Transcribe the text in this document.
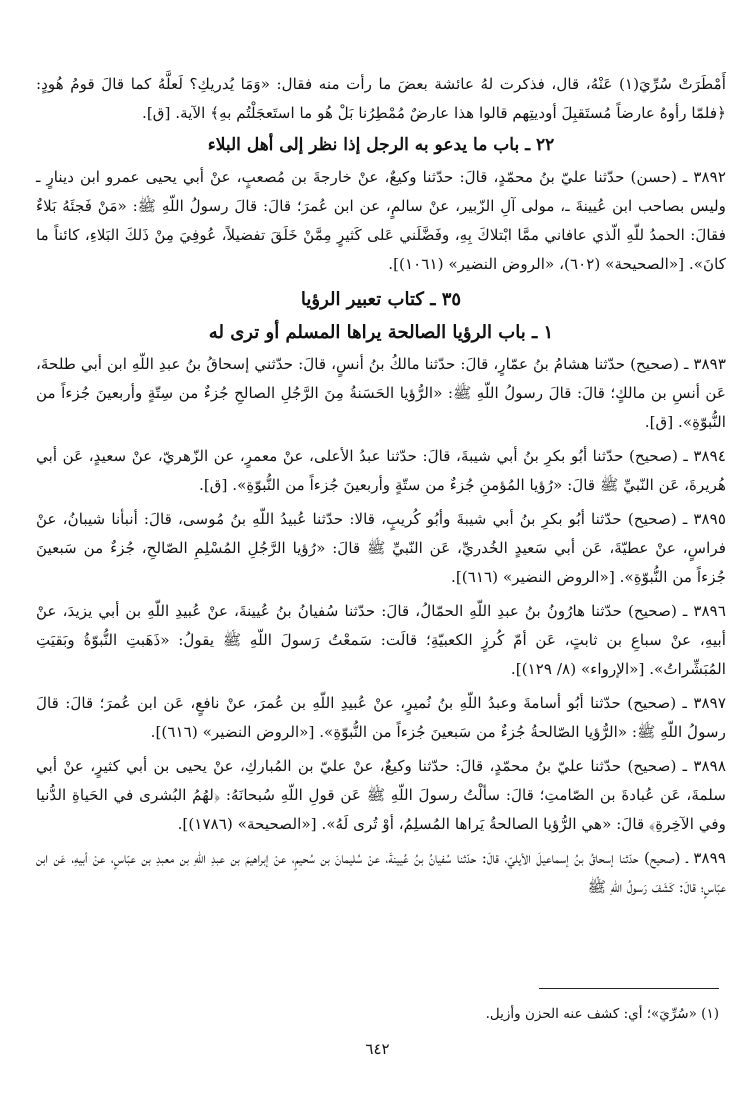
أَمْطَرَتْ سُرِّيَ(١) عَنْهُ، قال، فذكرت لهُ عائشة بعضَ ما رأت منه فقال: «وَمَا يُدريكِ؟ لَعلَّهُ كما قالَ قومُ هُودٍ: ﴿فلمّا رأوهُ عارضاً مُستَقبِلَ أوديتِهم قالوا هذا عارضٌ مُمْطِرُنا بَلْ هُو ما استَعجَلْتُم بهِ﴾ الآية. [ق].

٢٢ ـ باب ما يدعو به الرجل إذا نظر إلى أهل البلاء

٣٨٩٢ ـ (حسن) حدّثنا عليّ بنُ محمّدٍ، قالَ: حدّثنا وكيعٌ، عنْ خارجةَ بن مُصعبٍ، عنْ أبي يحيى عمرو ابن دينارٍ ـ وليس بصاحب ابن عُيينةَ ـ، مولى آلِ الزّبير، عنْ سالمٍ، عن ابن عُمرَ؛ قالَ: قالَ رسولُ اللّهِ ﷺ: «مَنْ فَجئَهُ بَلاءٌ فقالَ: الحمدُ للّهِ الّذي عافاني ممَّا ابْتلاكَ بِهِ، وفَضَّلَني عَلى كَثيرٍ مِمَّنْ خَلَقَ تفضيلاً، عُوفِيَ مِنْ ذَلكَ البَلاءِ، كائناً ما كانَ». [«الصحيحة» (٦٠٢)، «الروض النضير» (١٠٦١)].

٣٥ ـ كتاب تعبير الرؤيا
١ ـ باب الرؤيا الصالحة يراها المسلم أو ترى له

٣٨٩٣ ـ (صحيح) حدّثنا هشامُ بنُ عمّارٍ، قالَ: حدّثنا مالكُ بنُ أنسٍ، قالَ: حدّثني إسحاقُ بنُ عبدِ اللّهِ ابن أبي طلحةَ، عَن أنسِ بن مالكٍ؛ قالَ: قالَ رسولُ اللّهِ ﷺ: «الرُّؤيا الحَسَنةُ مِنَ الرَّجُلِ الصالحِ جُزءٌ من سِتّةٍ وأربعينَ جُزءاً من النُّبوّةِ». [ق].

٣٨٩٤ ـ (صحيح) حدّثنا أبُو بكرِ بنُ أبي شيبةَ، قالَ: حدّثنا عبدُ الأعلى، عنْ معمرٍ، عن الزّهريّ، عنْ سعيدٍ، عَن أبي هُريرةَ، عَن النّبيِّ ﷺ قالَ: «رُؤيا المُؤمنِ جُزءٌ من ستّةٍ وأربعينَ جُزءاً من النُّبوّةِ». [ق].

٣٨٩٥ ـ (صحيح) حدّثنا أبُو بكرِ بنُ أبي شيبةَ وأبُو كُريبٍ، قالا: حدّثنا عُبيدُ اللّهِ بنُ مُوسى، قالَ: أنبأنا شيبانُ، عنْ فراسٍ، عنْ عطيّةَ، عَن أبي سَعيدٍ الخُدريِّ، عَن النّبيِّ ﷺ قالَ: «رُؤيا الرَّجُلِ المُسْلِمِ الصّالحِ، جُزءٌ من سَبعينَ جُزءاً من النُّبوّةِ». [«الروض النضير» (٦١٦)].

٣٨٩٦ ـ (صحيح) حدّثنا هارُونُ بنُ عبدِ اللّهِ الحمّالُ، قالَ: حدّثنا سُفيانُ بنُ عُيينةَ، عنْ عُبيدِ اللّهِ بن أبي يزيدَ، عنْ أبيهِ، عنْ سباعِ بن ثابتٍ، عَن أمّ كُرزٍ الكعبيّةِ؛ قالَت: سَمعْتُ رَسولَ اللّهِ ﷺ يقولُ: «ذَهَبتِ النُّبوّةُ وبَقيَتِ المُبَشِّراتُ». [«الإرواء» (٨/ ١٢٩)].

٣٨٩٧ ـ (صحيح) حدّثنا أبُو أسامةَ وعبدُ اللّهِ بنُ نُميرٍ، عنْ عُبيدِ اللّهِ بن عُمرَ، عنْ نافعٍ، عَن ابن عُمرَ؛ قالَ: قالَ رسولُ اللّهِ ﷺ: «الرُّؤيا الصّالحةُ جُزءٌ من سَبعينَ جُزءاً من النُّبوّةِ». [«الروض النضير» (٦١٦)].

٣٨٩٨ ـ (صحيح) حدّثنا عليّ بنُ محمّدٍ، قالَ: حدّثنا وكيعٌ، عنْ عليّ بن المُباركِ، عنْ يحيى بن أبي كثيرٍ، عنْ أبي سلمةَ، عَن عُبادةَ بن الصّامتِ؛ قالَ: سألْتُ رسولَ اللّهِ ﷺ عَن قولِ اللّهِ سُبحانَهُ: ﴿لهُمُ البُشرى في الحَياةِ الدُّنيا وفي الآخِرةِ﴾ قالَ: «هي الرُّؤيا الصالحةُ يَراها المُسلِمُ، أوْ تُرى لَهُ». [«الصحيحة» (١٧٨٦)].

٣٨٩٩ ـ (صحيح) حدّثنا إسحاقُ بنُ إسماعيلَ الأيليّ، قالَ: حدّثنا سُفيانُ بنُ عُيينةَ، عنْ سُليمانَ بن سُحيمٍ، عنْ إبراهيمَ بن عبدِ اللّهِ بن معبدِ بن عبّاسٍ، عنْ أبيهِ، عَن ابن عبّاسٍ؛ قالَ: كَشَفَ رَسولُ اللّهِ ﷺ

(١) «سُرِّيَ»؛ أي: كشف عنه الحزن وأزيل.
٦٤٢
